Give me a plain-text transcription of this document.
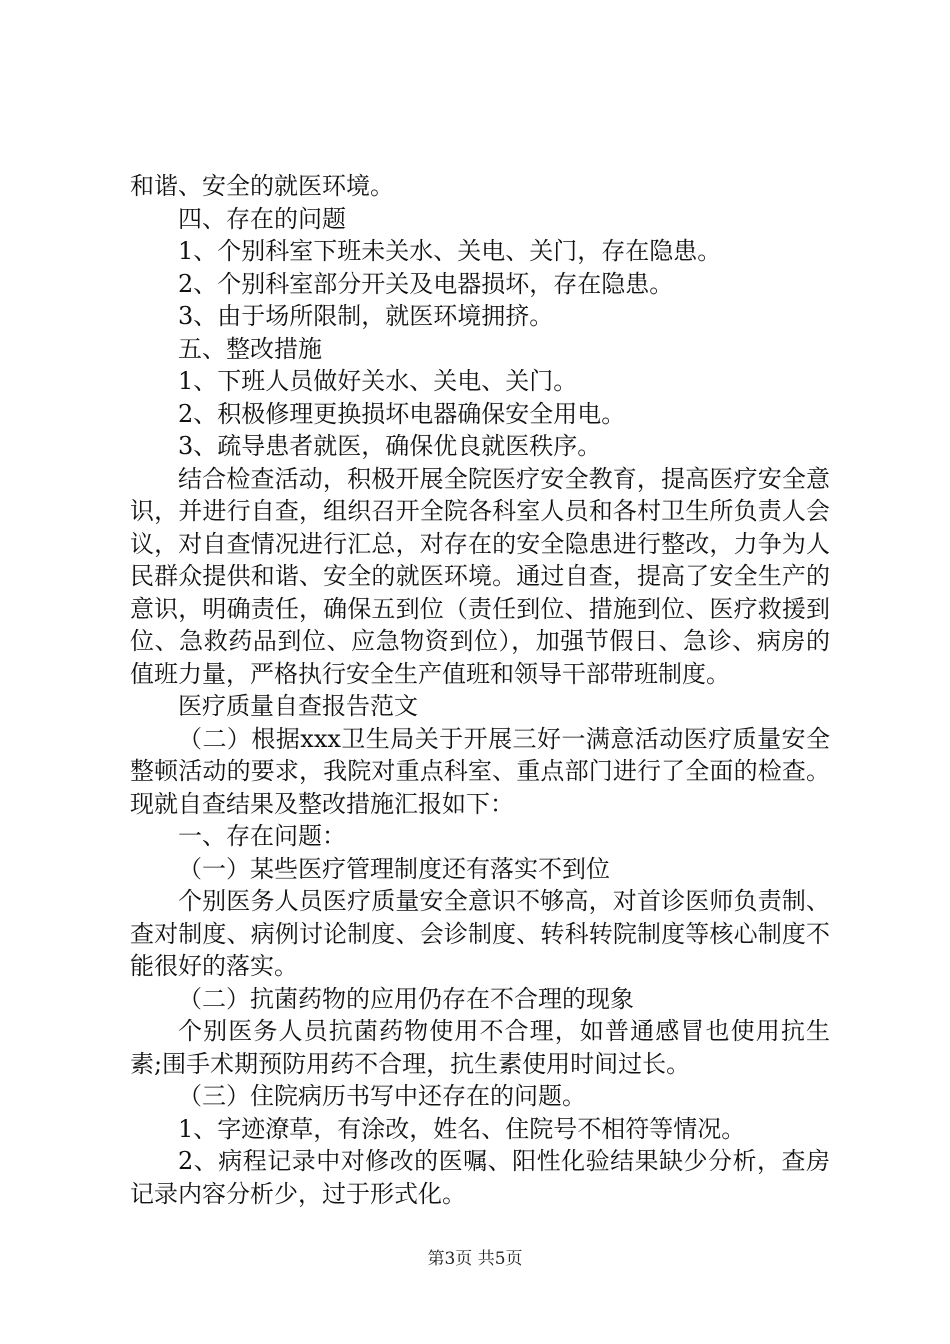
和谐、安全的就医环境。

四、存在的问题

1、个别科室下班未关水、关电、关门，存在隐患。

2、个别科室部分开关及电器损坏，存在隐患。

3、由于场所限制，就医环境拥挤。

五、整改措施

1、下班人员做好关水、关电、关门。

2、积极修理更换损坏电器确保安全用电。

3、疏导患者就医，确保优良就医秩序。

结合检查活动，积极开展全院医疗安全教育，提高医疗安全意识，并进行自查，组织召开全院各科室人员和各村卫生所负责人会议，对自查情况进行汇总，对存在的安全隐患进行整改，力争为人民群众提供和谐、安全的就医环境。通过自查，提高了安全生产的意识，明确责任，确保五到位（责任到位、措施到位、医疗救援到位、急救药品到位、应急物资到位），加强节假日、急诊、病房的值班力量，严格执行安全生产值班和领导干部带班制度。

医疗质量自查报告范文

（二）根据xxx卫生局关于开展三好一满意活动医疗质量安全整顿活动的要求，我院对重点科室、重点部门进行了全面的检查。现就自查结果及整改措施汇报如下：

一、存在问题：

（一）某些医疗管理制度还有落实不到位

个别医务人员医疗质量安全意识不够高，对首诊医师负责制、查对制度、病例讨论制度、会诊制度、转科转院制度等核心制度不能很好的落实。

（二）抗菌药物的应用仍存在不合理的现象

个别医务人员抗菌药物使用不合理，如普通感冒也使用抗生素;围手术期预防用药不合理，抗生素使用时间过长。

（三）住院病历书写中还存在的问题。

1、字迹潦草，有涂改，姓名、住院号不相符等情况。

2、病程记录中对修改的医嘱、阳性化验结果缺少分析，查房记录内容分析少，过于形式化。

第3页 共5页
